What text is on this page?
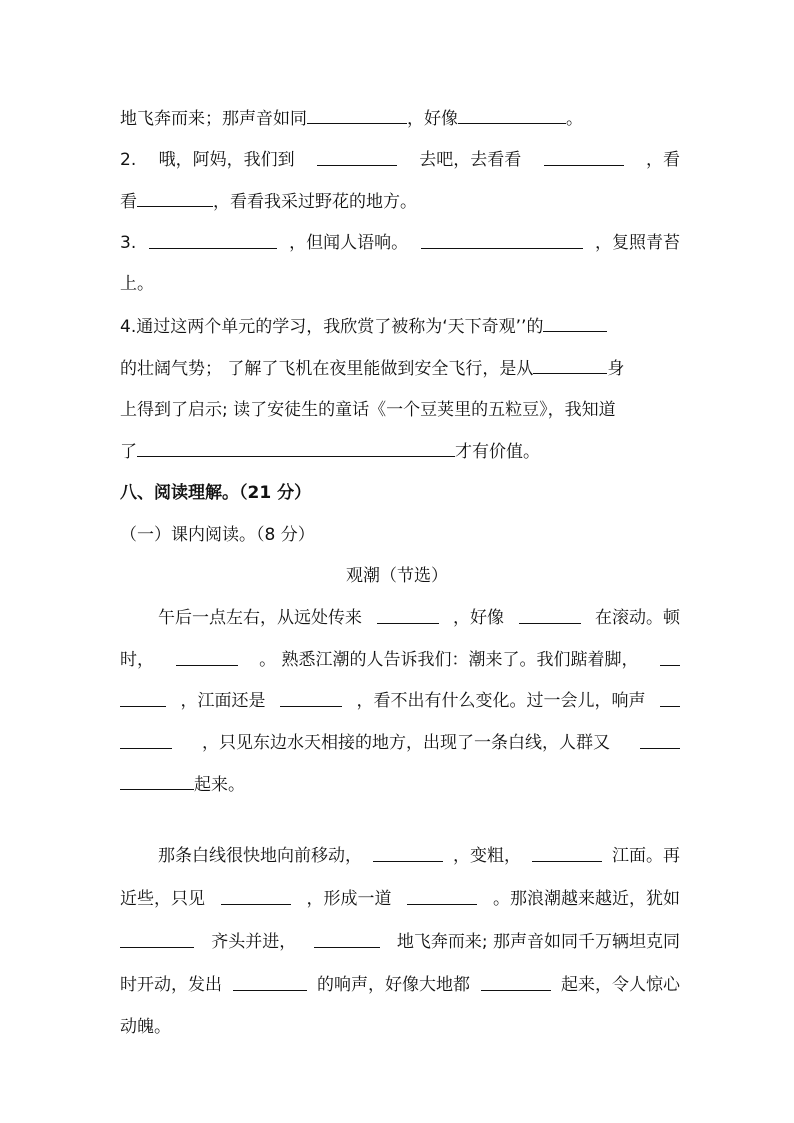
地飞奔而来；那声音如同	，好像	。
2. 哦，阿妈，我们到	去吧，去看看	，看
看	，看看我采过野花的地方。
3.	，但闻人语响。	，复照青苔
上。
4.通过这两个单元的学习，我欣赏了被称为‘天下奇观’’的
的壮阔气势； 了解了飞机在夜里能做到安全飞行，是从	身
上得到了启示; 读了安徒生的童话《一个豆荚里的五粒豆》，我知道
了	才有价值。
八、阅读理解。（21 分）
（一）课内阅读。（8 分）
观潮（节选）
午后一点左右，从远处传来	，好像	在滚动。顿
时，	。 熟悉江潮的人告诉我们：潮来了。我们踮着脚，
，江面还是	，看不出有什么变化。过一会儿，响声
，只见东边水天相接的地方，出现了一条白线，人群又
起来。
那条白线很快地向前移动，	，变粗，	江面。再
近些，只见	，形成一道	。那浪潮越来越近，犹如
齐头并进，	地飞奔而来; 那声音如同千万辆坦克同
时开动，发出	的响声，好像大地都	起来，令人惊心
动魄。
